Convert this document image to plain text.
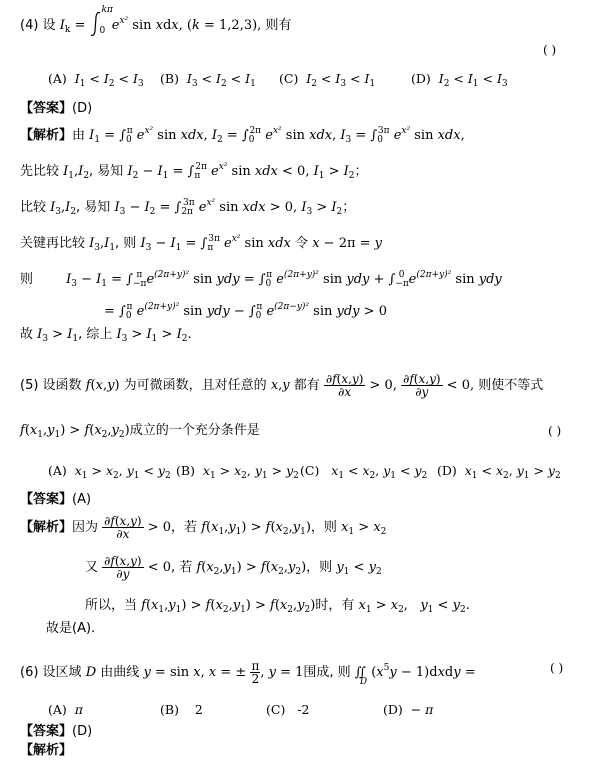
(4) 设 $I_k$ =
kπ
0 $e^{x^2}$ sin xdx, (k = 1,2,3), 则有
( )
(A)  $I_1 < I_2 < I_3$ (B)  $I_3 < I_2 < I_1$ (C)  $I_2 < I_3 < I_1$	(D)  $I_2 < I_1 < I_3$
【答案】(D)
【解析】由 $I_1 = \int_0^\pi$ $e^{x^2}$ sin xdx, $I_2 = \int_0^{2\pi}$ $e^{x^2}$ sin xdx, $I_3 = \int_0^{3\pi}$ $e^{x^2}$ sin xdx,
先比较 $I_1,I_2$, 易知 $I_2 - I_1 = \int_\pi^{2\pi}$ $e^{x^2}$ sin xdx < 0, $I_1 > I_2$；
比较 $I_3,I_2$, 易知 $I_3 - I_2 = \int_{2\pi}^{3\pi}$ $e^{x^2}$ sin xdx > 0, $I_3 > I_2$；
关键再比较 $I_3,I_1$, 则 $I_3 - I_1 = \int_\pi^{3\pi}$ $e^{x^2}$ sin xdx 令 x − 2π = y
则	$I_3 - I_1 = \int_{-\pi}^\pi$ $e^{(2\pi+y)^2}$ sin ydy = $\int_0^\pi$ $e^{(2\pi+y)^2}$ sin ydy + $\int_{-\pi}^0$ $e^{(2\pi+y)^2}$ sin ydy
= $\int_0^\pi$ $e^{(2\pi+y)^2}$ sin ydy − $\int_0^\pi$ $e^{(2\pi-y)^2}$ sin ydy > 0
故 $I_3 > I_1$, 综上 $I_3 > I_1 > I_2$.
(5) 设函数 f(x,y) 为可微函数，且对任意的 x,y 都有 $\frac{\partial f(x,y)}{\partial x} > 0$, $\frac{\partial f(x,y)}{\partial y} < 0$, 则使不等式
$f(x_1,y_1) > f(x_2,y_2)$成立的一个充分条件是	( )
(A)  $x_1 > x_2$, $y_1 < y_2$ (B)  $x_1 > x_2$, $y_1 > y_2$ (C)   $x_1 < x_2$, $y_1 < y_2$ (D)  $x_1 < x_2$, $y_1 > y_2$
【答案】(A)
【解析】因为 $\frac{\partial f(x,y)}{\partial x} > 0$，若 $f(x_1,y_1) > f(x_2,y_1)$，则 $x_1 > x_2$
又 $\frac{\partial f(x,y)}{\partial y} < 0$, 若 $f(x_2,y_1) > f(x_2,y_2)$，则 $y_1 < y_2$
所以，当 $f(x_1,y_1) > f(x_2,y_1) > f(x_2,y_2)$时，有 $x_1 > x_2$,   $y_1 < y_2$.
故是(A).
(6) 设区域 D 由曲线 y = sin x, x = ± $\frac{\pi}{2}$ , y = 1围成, 则 $∬_D$ ($x^5y$ − 1)dxdy =	( )
(A)  π	(B)    2	(C)   -2	(D)  − π
【答案】(D)
【解析】
